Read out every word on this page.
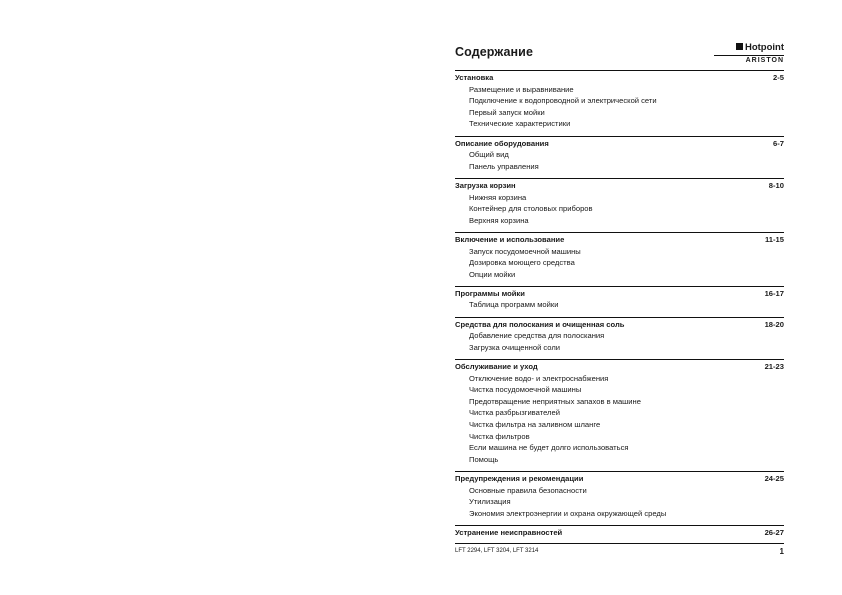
Содержание	Hotpoint
ARISTON
Установка	2-5
Размещение и выравнивание
Подключение к водопроводной и электрической сети
Первый запуск мойки
Технические характеристики
Описание оборудования	6-7
Общий вид
Панель управления
Загрузка корзин	8-10
Нижняя корзина
Контейнер для столовых приборов
Верхняя корзина
Включение и использование	11-15
Запуск посудомоечной машины
Дозировка моющего средства
Опции мойки
Программы мойки	16-17
Таблица программ мойки
Средства для полоскания и очищенная соль	18-20
Добавление средства для полоскания
Загрузка очищенной соли
Обслуживание и уход	21-23
Отключение водо- и электроснабжения
Чистка посудомоечной машины
Предотвращение неприятных запахов в машине
Чистка разбрызгивателей
Чистка фильтра на заливном шланге
Чистка фильтров
Если машина не будет долго использоваться
Помощь
Предупреждения и рекомендации	24-25
Основные правила безопасности
Утилизация
Экономия электроэнергии и охрана окружающей среды
Устранение неисправностей	26-27
LFT 2294, LFT 3204, LFT 3214	1
